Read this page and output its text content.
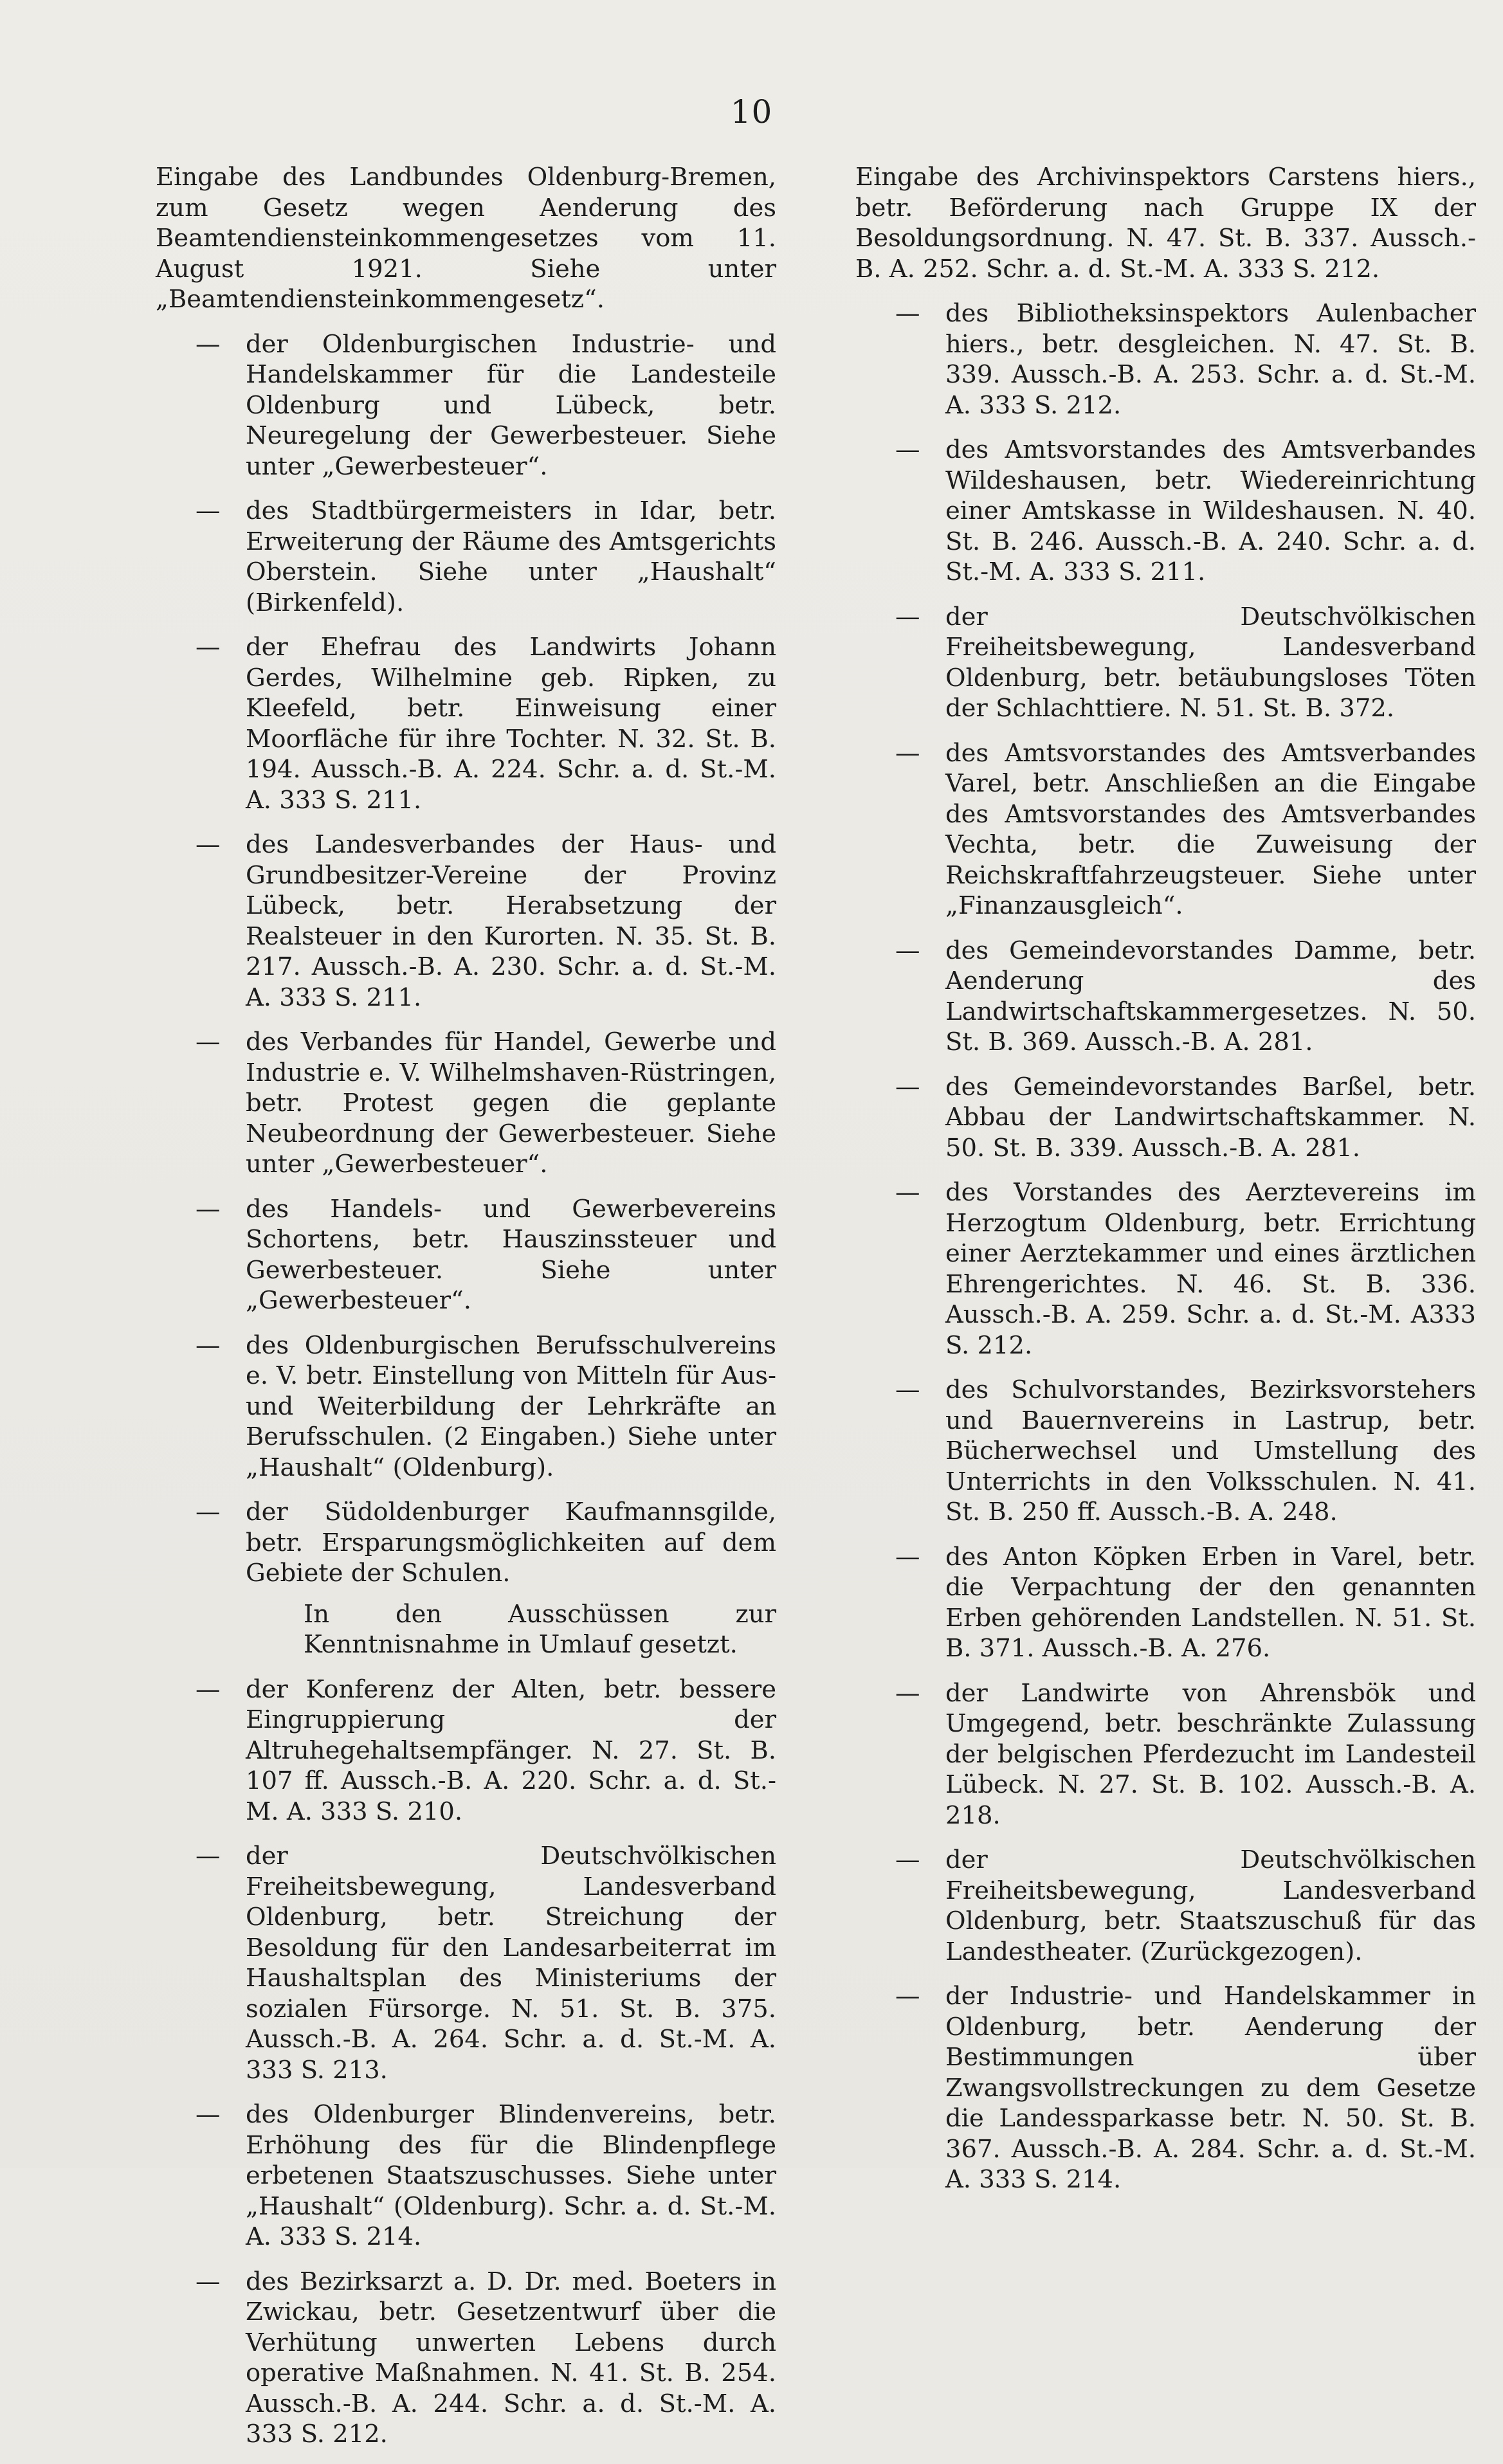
10

Eingabe des Landbundes Oldenburg-Bremen, zum Gesetz wegen Aenderung des Beamtendiensteinkommengesetzes vom 11. August 1921. Siehe unter „Beamtendiensteinkommengesetz“.

— der Oldenburgischen Industrie- und Handelskammer für die Landesteile Oldenburg und Lübeck, betr. Neuregelung der Gewerbesteuer. Siehe unter „Gewerbesteuer“.

— des Stadtbürgermeisters in Idar, betr. Erweiterung der Räume des Amtsgerichts Oberstein. Siehe unter „Haushalt“ (Birkenfeld).

— der Ehefrau des Landwirts Johann Gerdes, Wilhelmine geb. Ripken, zu Kleefeld, betr. Einweisung einer Moorfläche für ihre Tochter. N. 32. St. B. 194. Aussch.-B. A. 224. Schr. a. d. St.-M. A. 333 S. 211.

— des Landesverbandes der Haus- und Grundbesitzer-Vereine der Provinz Lübeck, betr. Herabsetzung der Realsteuer in den Kurorten. N. 35. St. B. 217. Aussch.-B. A. 230. Schr. a. d. St.-M. A. 333 S. 211.

— des Verbandes für Handel, Gewerbe und Industrie e. V. Wilhelmshaven-Rüstringen, betr. Protest gegen die geplante Neubeordnung der Gewerbesteuer. Siehe unter „Gewerbesteuer“.

— des Handels- und Gewerbevereins Schortens, betr. Hauszinssteuer und Gewerbesteuer. Siehe unter „Gewerbesteuer“.

— des Oldenburgischen Berufsschulvereins e. V. betr. Einstellung von Mitteln für Aus- und Weiterbildung der Lehrkräfte an Berufsschulen. (2 Eingaben.) Siehe unter „Haushalt“ (Oldenburg).

— der Südoldenburger Kaufmannsgilde, betr. Ersparungsmöglichkeiten auf dem Gebiete der Schulen.

In den Ausschüssen zur Kenntnisnahme in Umlauf gesetzt.

— der Konferenz der Alten, betr. bessere Eingruppierung der Altruhegehaltsempfänger. N. 27. St. B. 107 ff. Aussch.-B. A. 220. Schr. a. d. St.-M. A. 333 S. 210.

— der Deutschvölkischen Freiheitsbewegung, Landesverband Oldenburg, betr. Streichung der Besoldung für den Landesarbeiterrat im Haushaltsplan des Ministeriums der sozialen Fürsorge. N. 51. St. B. 375. Aussch.-B. A. 264. Schr. a. d. St.-M. A. 333 S. 213.

— des Oldenburger Blindenvereins, betr. Erhöhung des für die Blindenpflege erbetenen Staatszuschusses. Siehe unter „Haushalt“ (Oldenburg). Schr. a. d. St.-M. A. 333 S. 214.

— des Bezirksarzt a. D. Dr. med. Boeters in Zwickau, betr. Gesetzentwurf über die Verhütung unwerten Lebens durch operative Maßnahmen. N. 41. St. B. 254. Aussch.-B. A. 244. Schr. a. d. St.-M. A. 333 S. 212.

Eingabe des Archivinspektors Carstens hiers., betr. Beförderung nach Gruppe IX der Besoldungsordnung. N. 47. St. B. 337. Aussch.-B. A. 252. Schr. a. d. St.-M. A. 333 S. 212.

— des Bibliotheksinspektors Aulenbacher hiers., betr. desgleichen. N. 47. St. B. 339. Aussch.-B. A. 253. Schr. a. d. St.-M. A. 333 S. 212.

— des Amtsvorstandes des Amtsverbandes Wildeshausen, betr. Wiedereinrichtung einer Amtskasse in Wildeshausen. N. 40. St. B. 246. Aussch.-B. A. 240. Schr. a. d. St.-M. A. 333 S. 211.

— der Deutschvölkischen Freiheitsbewegung, Landesverband Oldenburg, betr. betäubungsloses Töten der Schlachttiere. N. 51. St. B. 372.

— des Amtsvorstandes des Amtsverbandes Varel, betr. Anschließen an die Eingabe des Amtsvorstandes des Amtsverbandes Vechta, betr. die Zuweisung der Reichskraftfahrzeugsteuer. Siehe unter „Finanzausgleich“.

— des Gemeindevorstandes Damme, betr. Aenderung des Landwirtschaftskammergesetzes. N. 50. St. B. 369. Aussch.-B. A. 281.

— des Gemeindevorstandes Barßel, betr. Abbau der Landwirtschaftskammer. N. 50. St. B. 339. Aussch.-B. A. 281.

— des Vorstandes des Aerztevereins im Herzogtum Oldenburg, betr. Errichtung einer Aerztekammer und eines ärztlichen Ehrengerichtes. N. 46. St. B. 336. Aussch.-B. A. 259. Schr. a. d. St.-M. A333 S. 212.

— des Schulvorstandes, Bezirksvorstehers und Bauernvereins in Lastrup, betr. Bücherwechsel und Umstellung des Unterrichts in den Volksschulen. N. 41. St. B. 250 ff. Aussch.-B. A. 248.

— des Anton Köpken Erben in Varel, betr. die Verpachtung der den genannten Erben gehörenden Landstellen. N. 51. St. B. 371. Aussch.-B. A. 276.

— der Landwirte von Ahrensbök und Umgegend, betr. beschränkte Zulassung der belgischen Pferdezucht im Landesteil Lübeck. N. 27. St. B. 102. Aussch.-B. A. 218.

— der Deutschvölkischen Freiheitsbewegung, Landesverband Oldenburg, betr. Staatszuschuß für das Landestheater. (Zurückgezogen).

— der Industrie- und Handelskammer in Oldenburg, betr. Aenderung der Bestimmungen über Zwangsvollstreckungen zu dem Gesetze die Landessparkasse betr. N. 50. St. B. 367. Aussch.-B. A. 284. Schr. a. d. St.-M. A. 333 S. 214.
